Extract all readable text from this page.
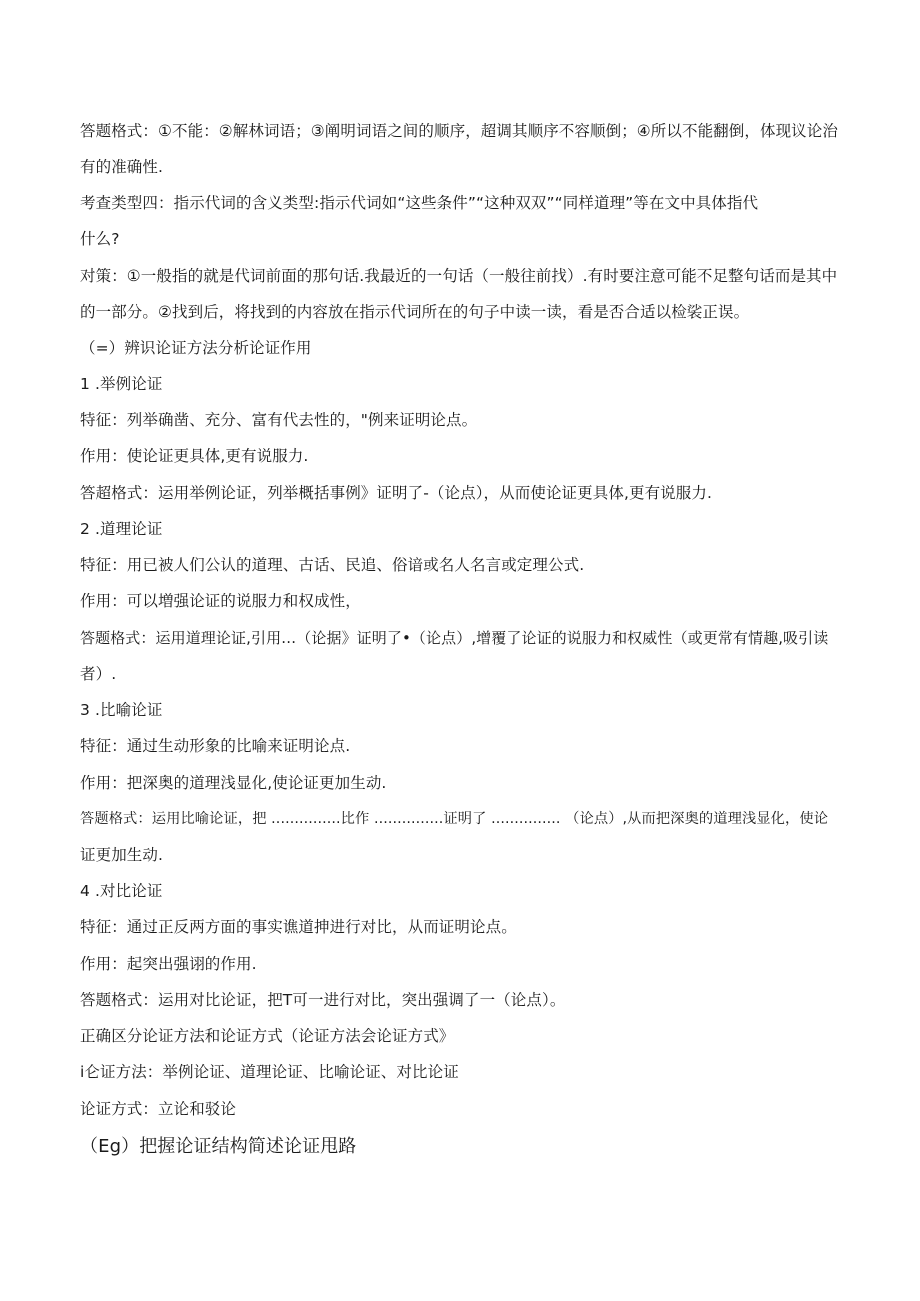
答题格式：①不能：②解林词语；③阐明词语之间的顺序，超调其顺序不容顺倒；④所以不能翻倒，体现议论治
有的准确性.
考查类型四：指示代词的含义类型:指示代词如“这些条件”“这种双双”“同样道理”等在文中具体指代
什么?
对策：①一般指的就是代词前面的那句话.我最近的一句话（一般往前找）.有时要注意可能不足整句话而是其中
的一部分。②找到后，将找到的内容放在指示代词所在的句子中读一读，看是否合适以检裟正误。
（=）辨识论证方法分析论证作用
1 .举例论证
特征：列举确凿、充分、富有代去性的，"例来证明论点。
作用：使论证更具体,更有说服力.
答超格式：运用举例论证，列举概括事例》证明了-（论点），从而使论证更具体,更有说服力.
2 .道理论证
特征：用已被人们公认的道理、古话、民追、俗谙或名人名言或定理公式.
作用：可以増强论证的说服力和权成性，
答题格式：运用道理论证,引用…（论据》证明了•（论点）,增覆了论证的说服力和权威性（或更常有情趣,吸引读
者）.
3 .比喻论证
特征：通过生动形象的比喻来证明论点.
作用：把深奥的道理浅显化,使论证更加生动.
答题格式：运用比喻论证，把 ...............比作 ...............证明了 ............... （论点）,从而把深奥的道理浅显化，使论
证更加生动.
4 .对比论证
特征：通过正反两方面的事实谯道抻进行对比，从而证明论点。
作用：起突出强诩的作用.
答题格式：运用对比论证，把T可一进行对比，突出强调了一（论点）。
正确区分论证方法和论证方式（论证方法会论证方式》
i仑证方法：举例论证、道理论证、比喻论证、对比论证
论证方式：立论和驳论
（Eg）把握论证结构简述论证甩路
